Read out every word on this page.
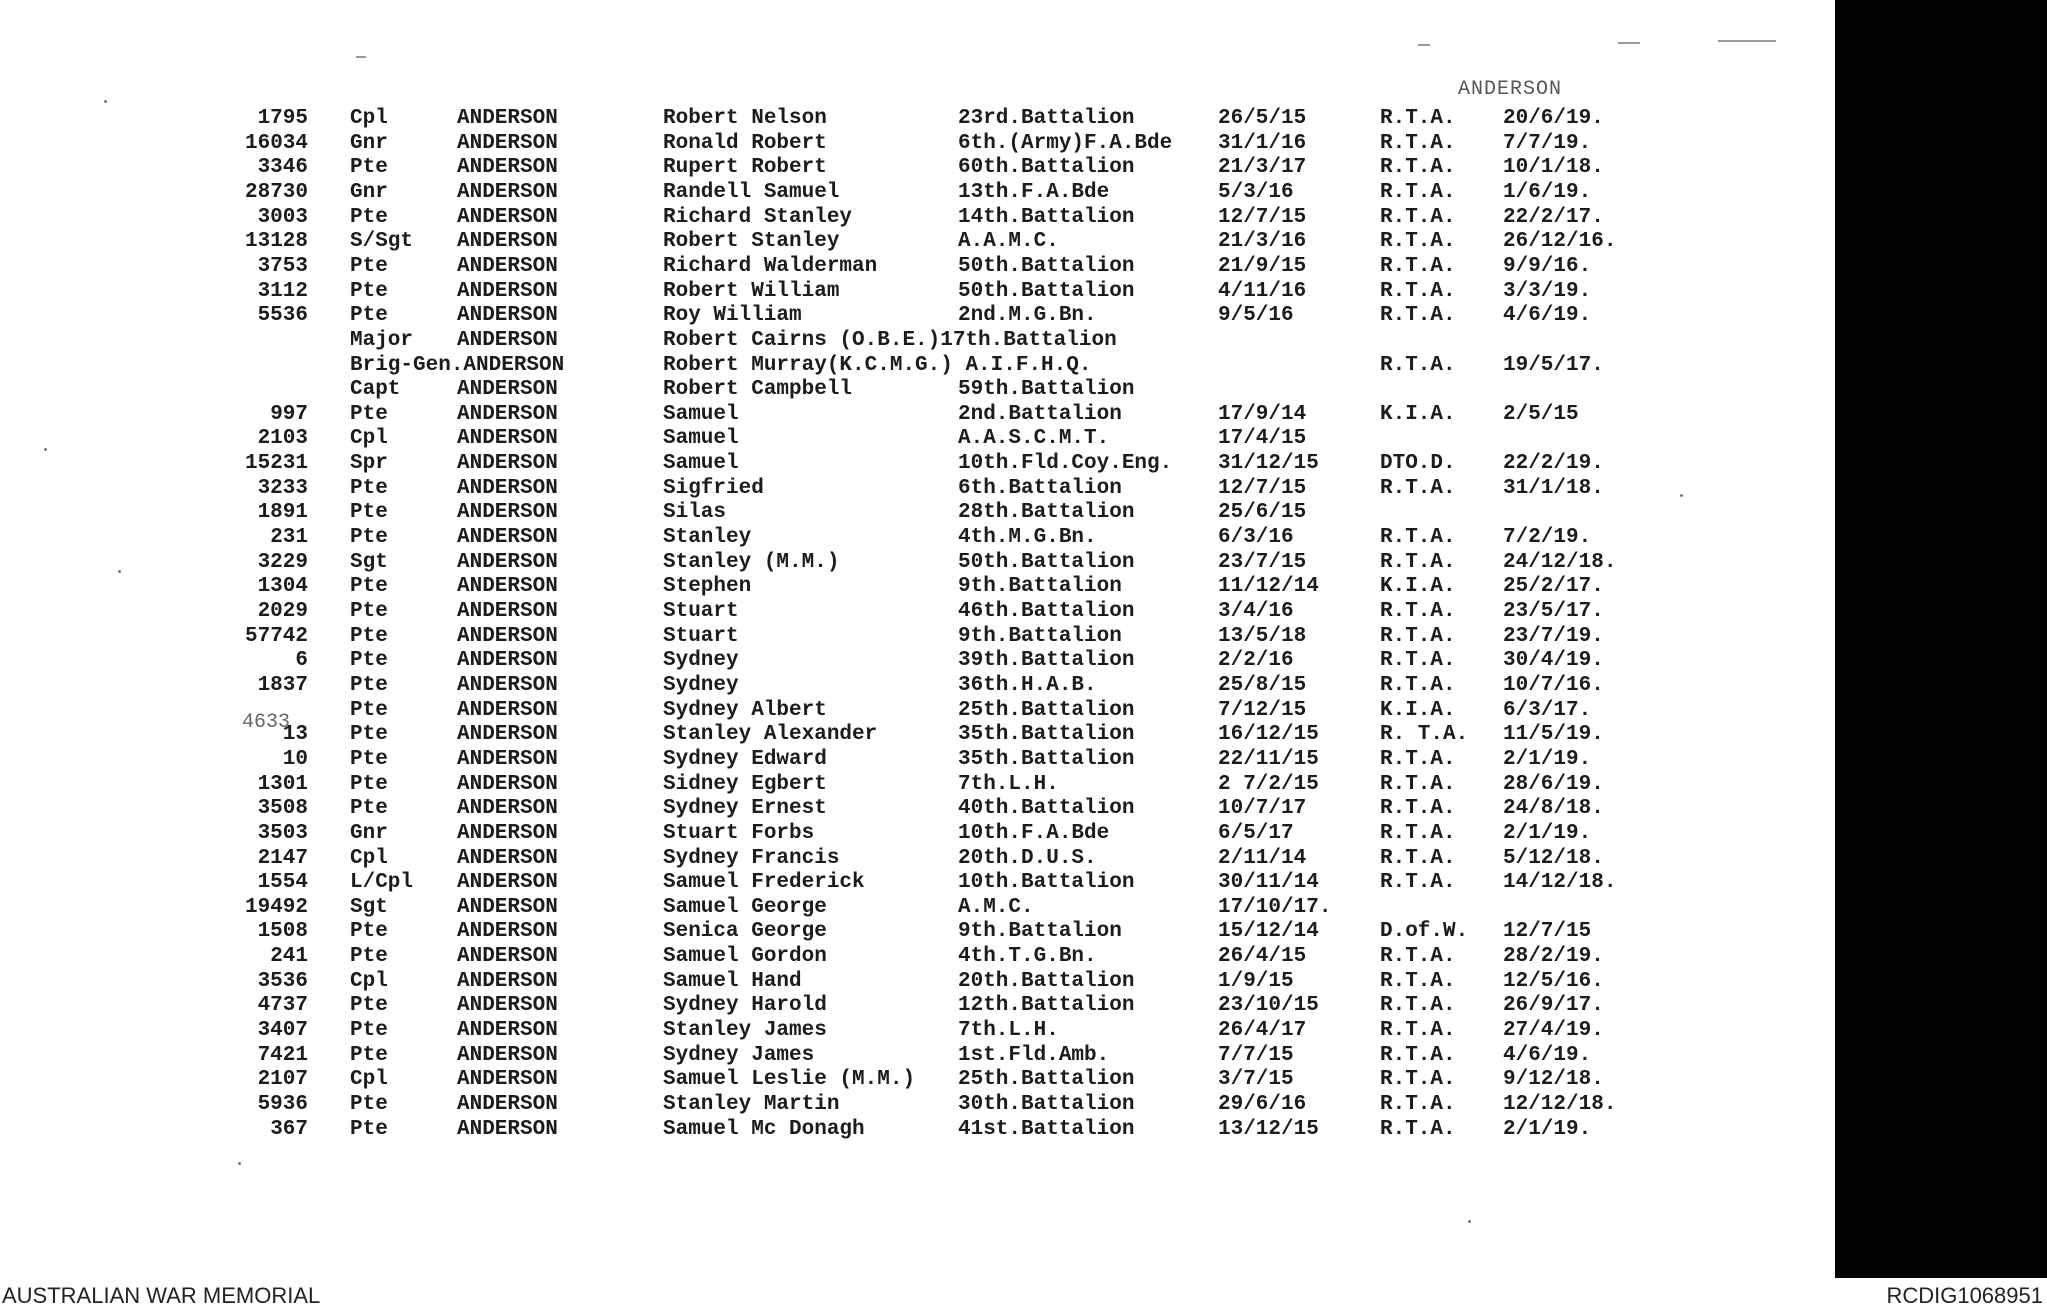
ANDERSON
1795 Cpl	ANDERSON	Robert Nelson	23rd.Battalion	26/5/15	R.T.A. 20/6/19.
16034 Gnr	ANDERSON	Ronald Robert	6th.(Army)F.A.Bde 31/1/16	R.T.A. 7/7/19.
3346 Pte	ANDERSON	Rupert Robert	60th.Battalion	21/3/17	R.T.A. 10/1/18.
28730 Gnr	ANDERSON	Randell Samuel	13th.F.A.Bde	5/3/16	R.T.A. 1/6/19.
3003 Pte	ANDERSON	Richard Stanley	14th.Battalion	12/7/15	R.T.A. 22/2/17.
13128 S/Sgt ANDERSON	Robert Stanley	A.A.M.C.	21/3/16	R.T.A. 26/12/16.
3753 Pte	ANDERSON	Richard Walderman	50th.Battalion	21/9/15	R.T.A. 9/9/16.
3112 Pte	ANDERSON	Robert William	50th.Battalion	4/11/16	R.T.A. 3/3/19.
5536 Pte	ANDERSON	Roy William	2nd.M.G.Bn.	9/5/16	R.T.A. 4/6/19.
Major ANDERSON	Robert Cairns (O.B.E.)17th.Battalion
Brig-Gen.ANDERSON	Robert Murray(K.C.M.G.) A.I.F.H.Q.	R.T.A. 19/5/17.
Capt	ANDERSON	Robert Campbell	59th.Battalion
997 Pte	ANDERSON	Samuel	2nd.Battalion	17/9/14	K.I.A. 2/5/15
2103 Cpl	ANDERSON	Samuel	A.A.S.C.M.T.	17/4/15
15231 Spr	ANDERSON	Samuel	10th.Fld.Coy.Eng. 31/12/15	DTO.D. 22/2/19.
3233 Pte	ANDERSON	Sigfried	6th.Battalion	12/7/15	R.T.A. 31/1/18.
1891 Pte	ANDERSON	Silas	28th.Battalion	25/6/15
231 Pte	ANDERSON	Stanley	4th.M.G.Bn.	6/3/16	R.T.A. 7/2/19.
3229 Sgt	ANDERSON	Stanley (M.M.)	50th.Battalion	23/7/15	R.T.A. 24/12/18.
1304 Pte	ANDERSON	Stephen	9th.Battalion	11/12/14	K.I.A. 25/2/17.
2029 Pte	ANDERSON	Stuart	46th.Battalion	3/4/16	R.T.A. 23/5/17.
57742 Pte	ANDERSON	Stuart	9th.Battalion	13/5/18	R.T.A. 23/7/19.
6 Pte	ANDERSON	Sydney	39th.Battalion	2/2/16	R.T.A. 30/4/19.
1837 Pte	ANDERSON	Sydney	36th.H.A.B.	25/8/15	R.T.A. 10/7/16.
Pte	ANDERSON	Sydney Albert	25th.Battalion	7/12/15	K.I.A. 6/3/17.
13 Pte	ANDERSON	Stanley Alexander	35th.Battalion	16/12/15	R. T.A. 11/5/19.
10 Pte	ANDERSON	Sydney Edward	35th.Battalion	22/11/15	R.T.A. 2/1/19.
1301 Pte	ANDERSON	Sidney Egbert	7th.L.H.	2 7/2/15	R.T.A. 28/6/19.
3508 Pte	ANDERSON	Sydney Ernest	40th.Battalion	10/7/17	R.T.A. 24/8/18.
3503 Gnr	ANDERSON	Stuart Forbs	10th.F.A.Bde	6/5/17	R.T.A. 2/1/19.
2147 Cpl	ANDERSON	Sydney Francis	20th.D.U.S.	2/11/14	R.T.A. 5/12/18.
1554 L/Cpl ANDERSON	Samuel Frederick	10th.Battalion	30/11/14	R.T.A. 14/12/18.
19492 Sgt	ANDERSON	Samuel George	A.M.C.	17/10/17.
1508 Pte	ANDERSON	Senica George	9th.Battalion	15/12/14	D.of.W. 12/7/15
241 Pte	ANDERSON	Samuel Gordon	4th.T.G.Bn.	26/4/15	R.T.A. 28/2/19.
3536 Cpl	ANDERSON	Samuel Hand	20th.Battalion	1/9/15	R.T.A. 12/5/16.
4737 Pte	ANDERSON	Sydney Harold	12th.Battalion	23/10/15	R.T.A. 26/9/17.
3407 Pte	ANDERSON	Stanley James	7th.L.H.	26/4/17	R.T.A. 27/4/19.
7421 Pte	ANDERSON	Sydney James	1st.Fld.Amb.	7/7/15	R.T.A. 4/6/19.
2107 Cpl	ANDERSON	Samuel Leslie (M.M.) 25th.Battalion	3/7/15	R.T.A. 9/12/18.
5936 Pte	ANDERSON	Stanley Martin	30th.Battalion	29/6/16	R.T.A. 12/12/18.
367 Pte	ANDERSON	Samuel Mc Donagh	41st.Battalion	13/12/15	R.T.A. 2/1/19.
4633
AUSTRALIAN WAR MEMORIAL	RCDIG1068951
